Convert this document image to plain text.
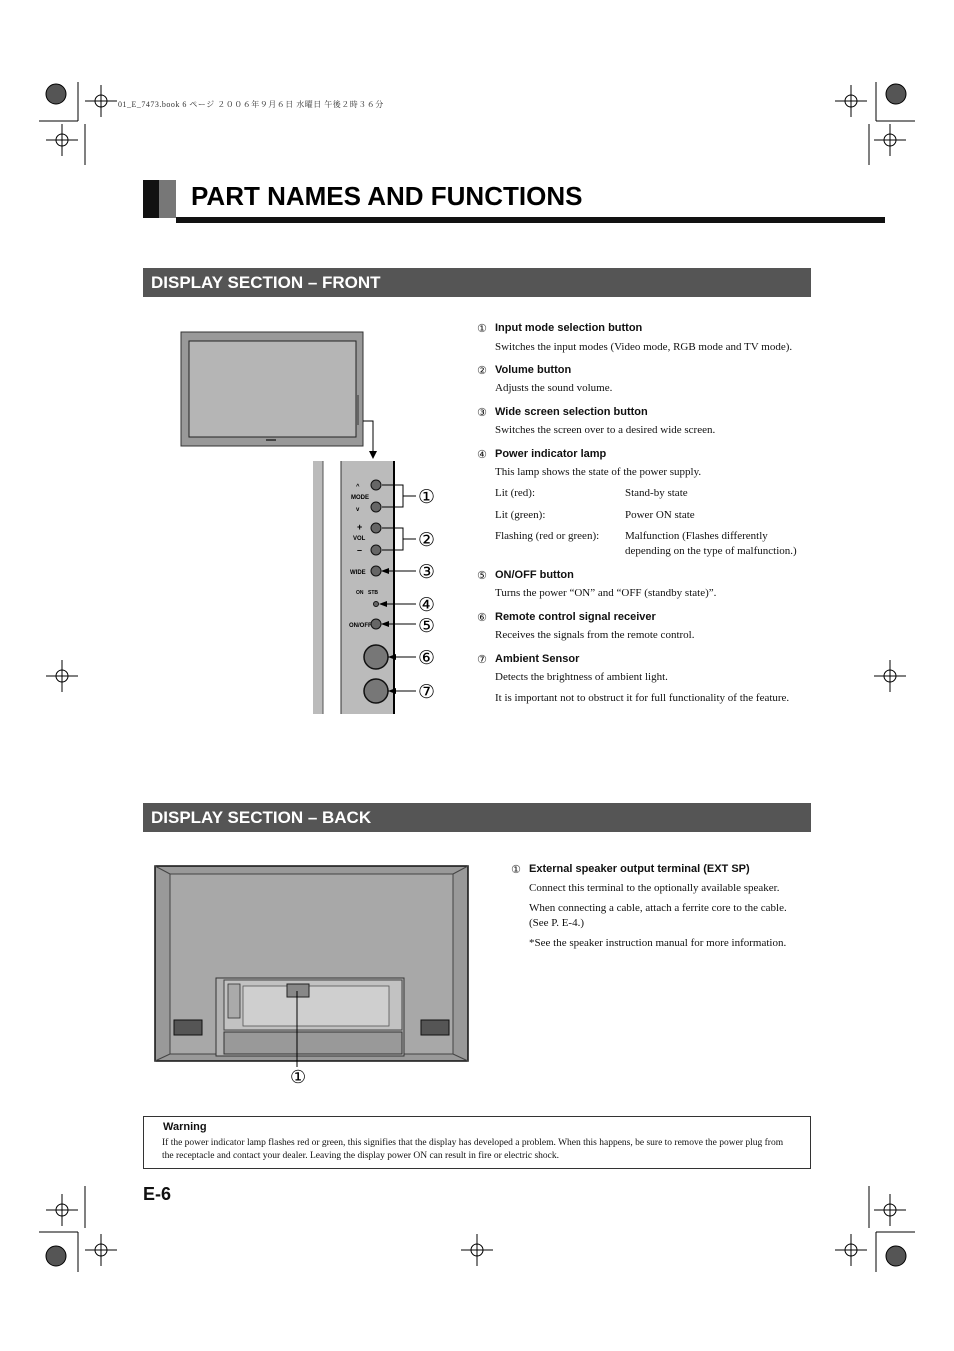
01_E_7473.book 6 ページ ２００６年９月６日 水曜日 午後２時３６分
PART NAMES AND FUNCTIONS
DISPLAY SECTION – FRONT
^
MODE
v
+
VOL
–
WIDE
ON/OFF
ON STB
①
②
③
④
⑤
⑥
⑦
① Input mode selection button
Switches the input modes (Video mode, RGB mode and TV mode).
② Volume button
Adjusts the sound volume.
③ Wide screen selection button
Switches the screen over to a desired wide screen.
④ Power indicator lamp
This lamp shows the state of the power supply.
Lit (red):	Stand-by state
Lit (green):	Power ON state
Flashing (red or green): Malfunction (Flashes differently
depending on the type of malfunction.)
⑤ ON/OFF button
Turns the power “ON” and “OFF (standby state)”.
⑥ Remote control signal receiver
Receives the signals from the remote control.
⑦ Ambient Sensor
Detects the brightness of ambient light.
It is important not to obstruct it for full functionality of the feature.
DISPLAY SECTION – BACK
①
① External speaker output terminal (EXT SP)
Connect this terminal to the optionally available speaker.
When connecting a cable, attach a ferrite core to the cable.
(See P. E-4.)
*See the speaker instruction manual for more information.
Warning
If the power indicator lamp flashes red or green, this signifies that the display has developed a problem. When this happens, be sure to remove the power plug from the receptacle and contact your dealer. Leaving the display power ON can result in fire or electric shock.
E-6
